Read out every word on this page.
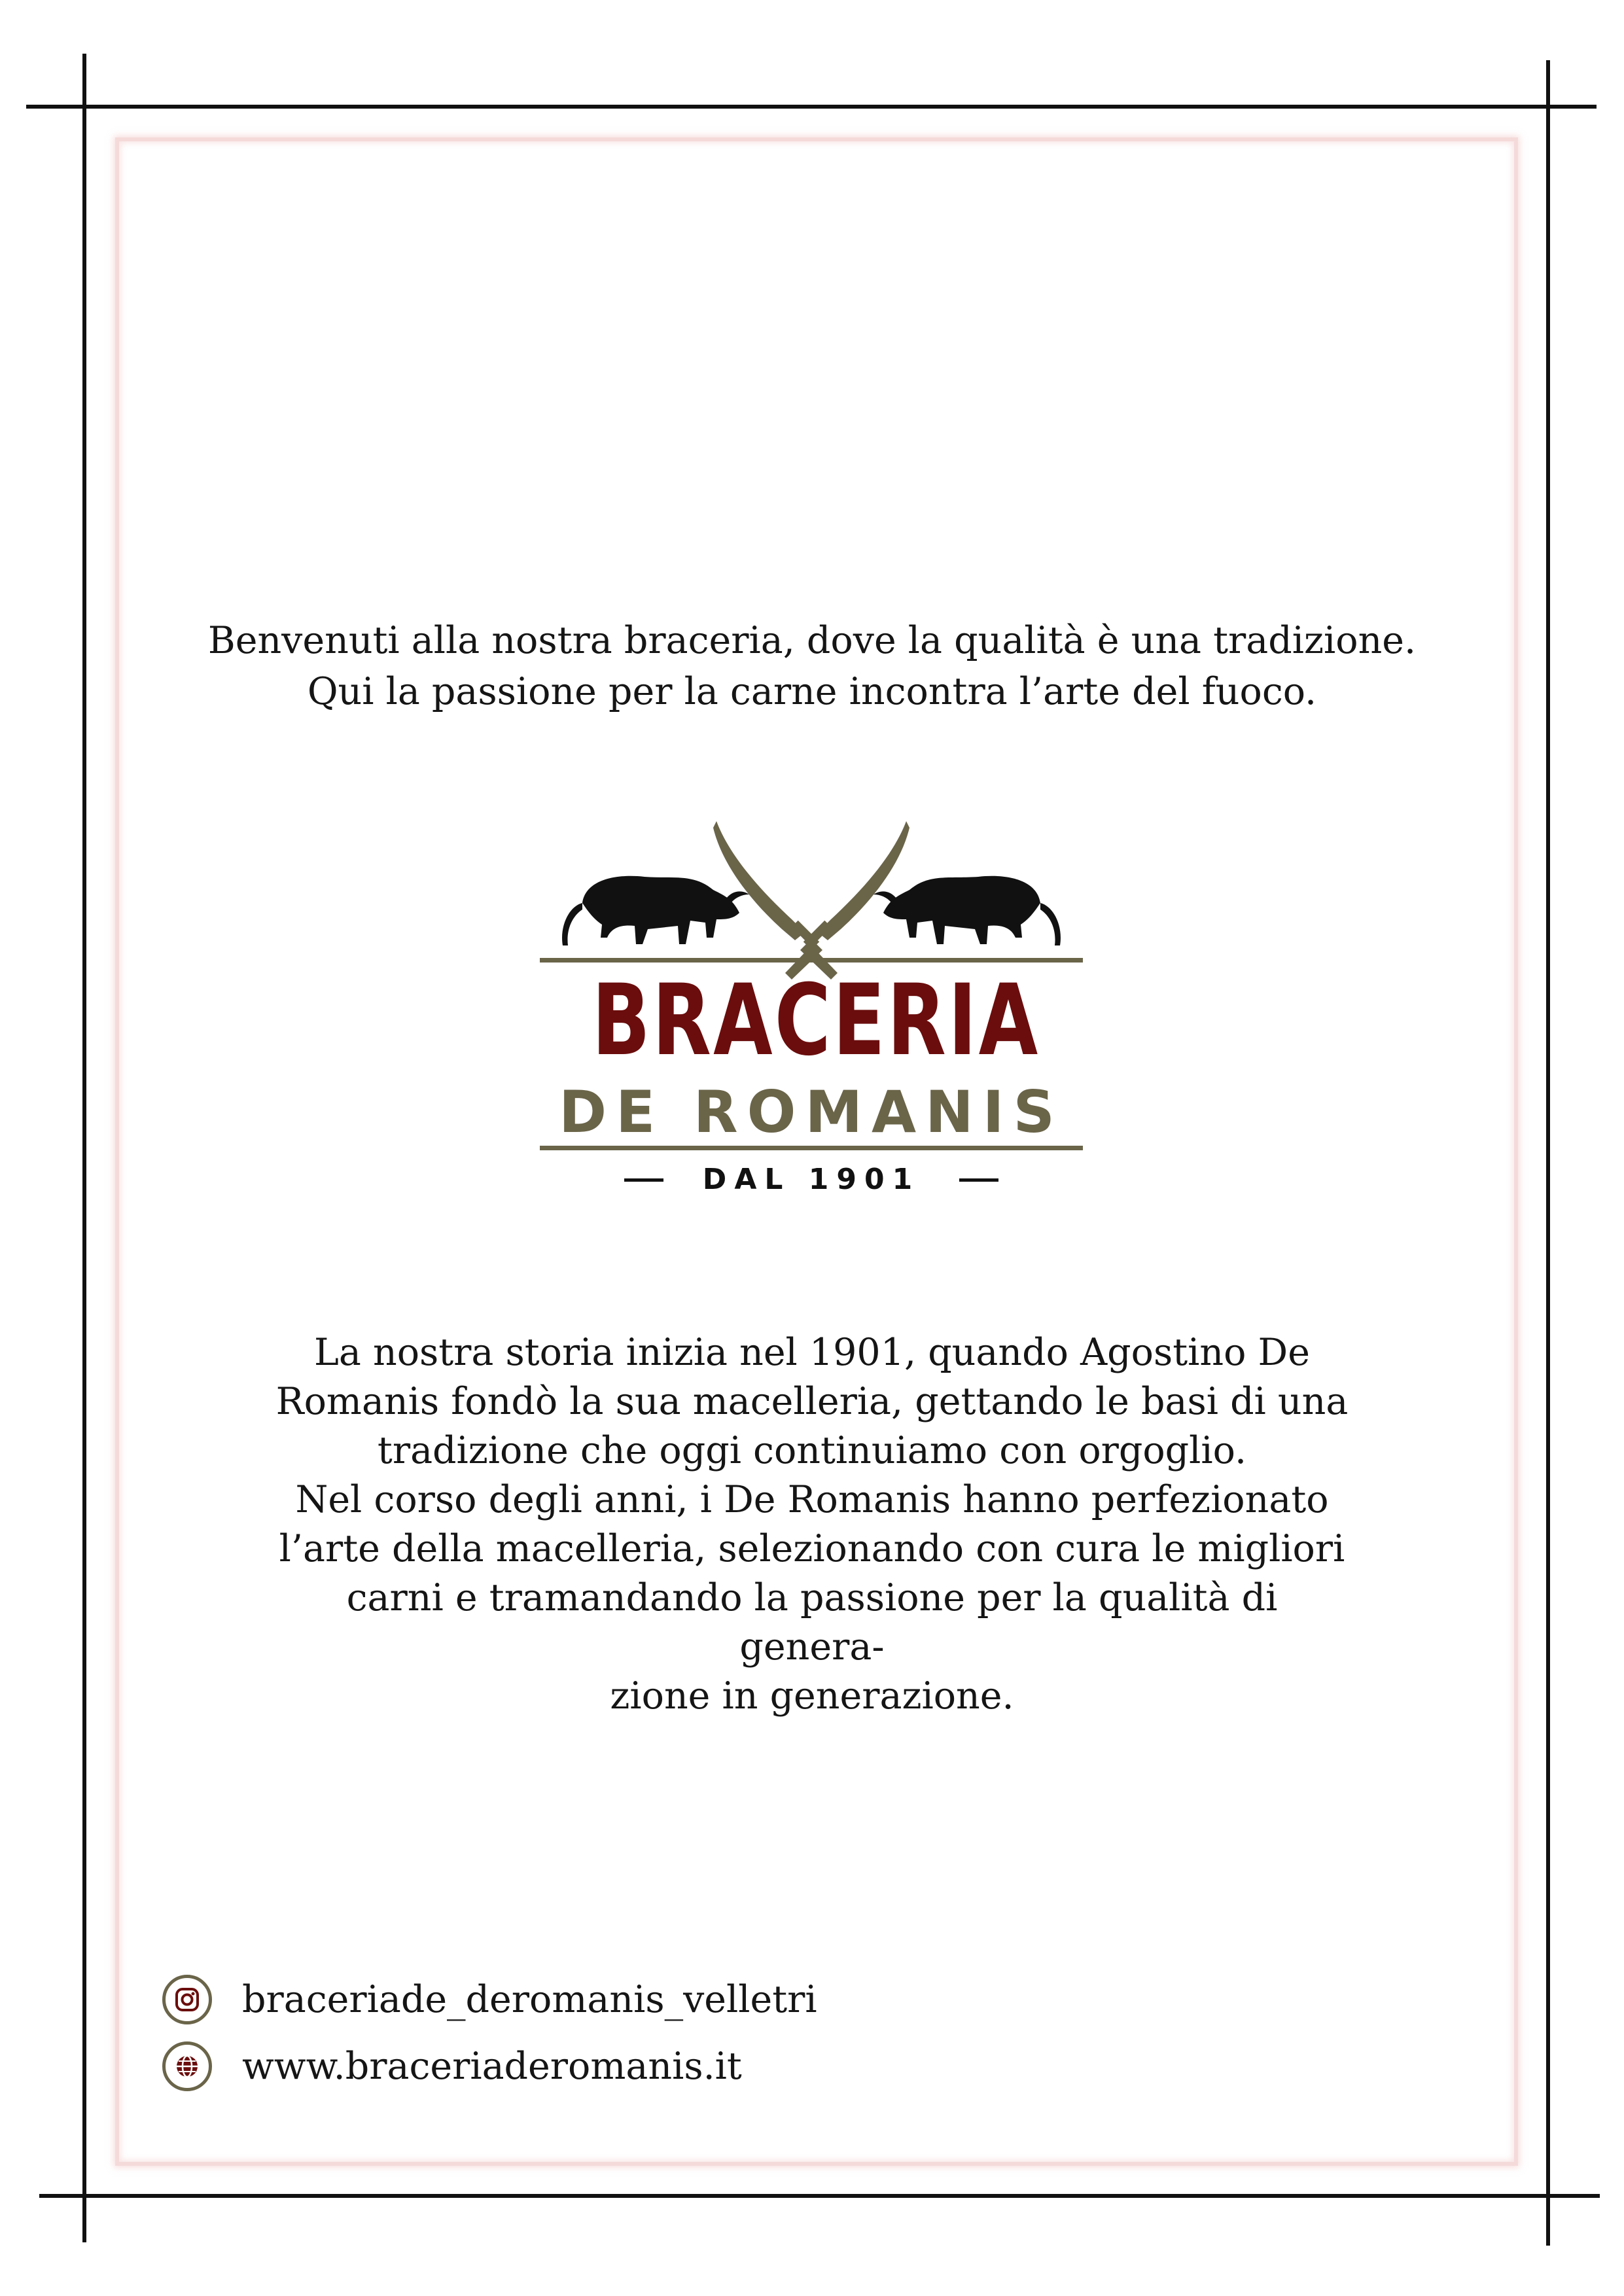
Benvenuti alla nostra braceria, dove la qualità è una tradizione.
Qui la passione per la carne incontra l’arte del fuoco.
BRACERIA
DE ROMANIS
DAL 1901

La nostra storia inizia nel 1901, quando Agostino De

Romanis fondò la sua macelleria, gettando le basi di una

tradizione che oggi continuiamo con orgoglio.

Nel corso degli anni, i De Romanis hanno perfezionato

l’arte della macelleria, selezionando con cura le migliori

carni e tramandando la passione per la qualità di genera-

zione in generazione.

braceriade_deromanis_velletri
www.braceriaderomanis.it
